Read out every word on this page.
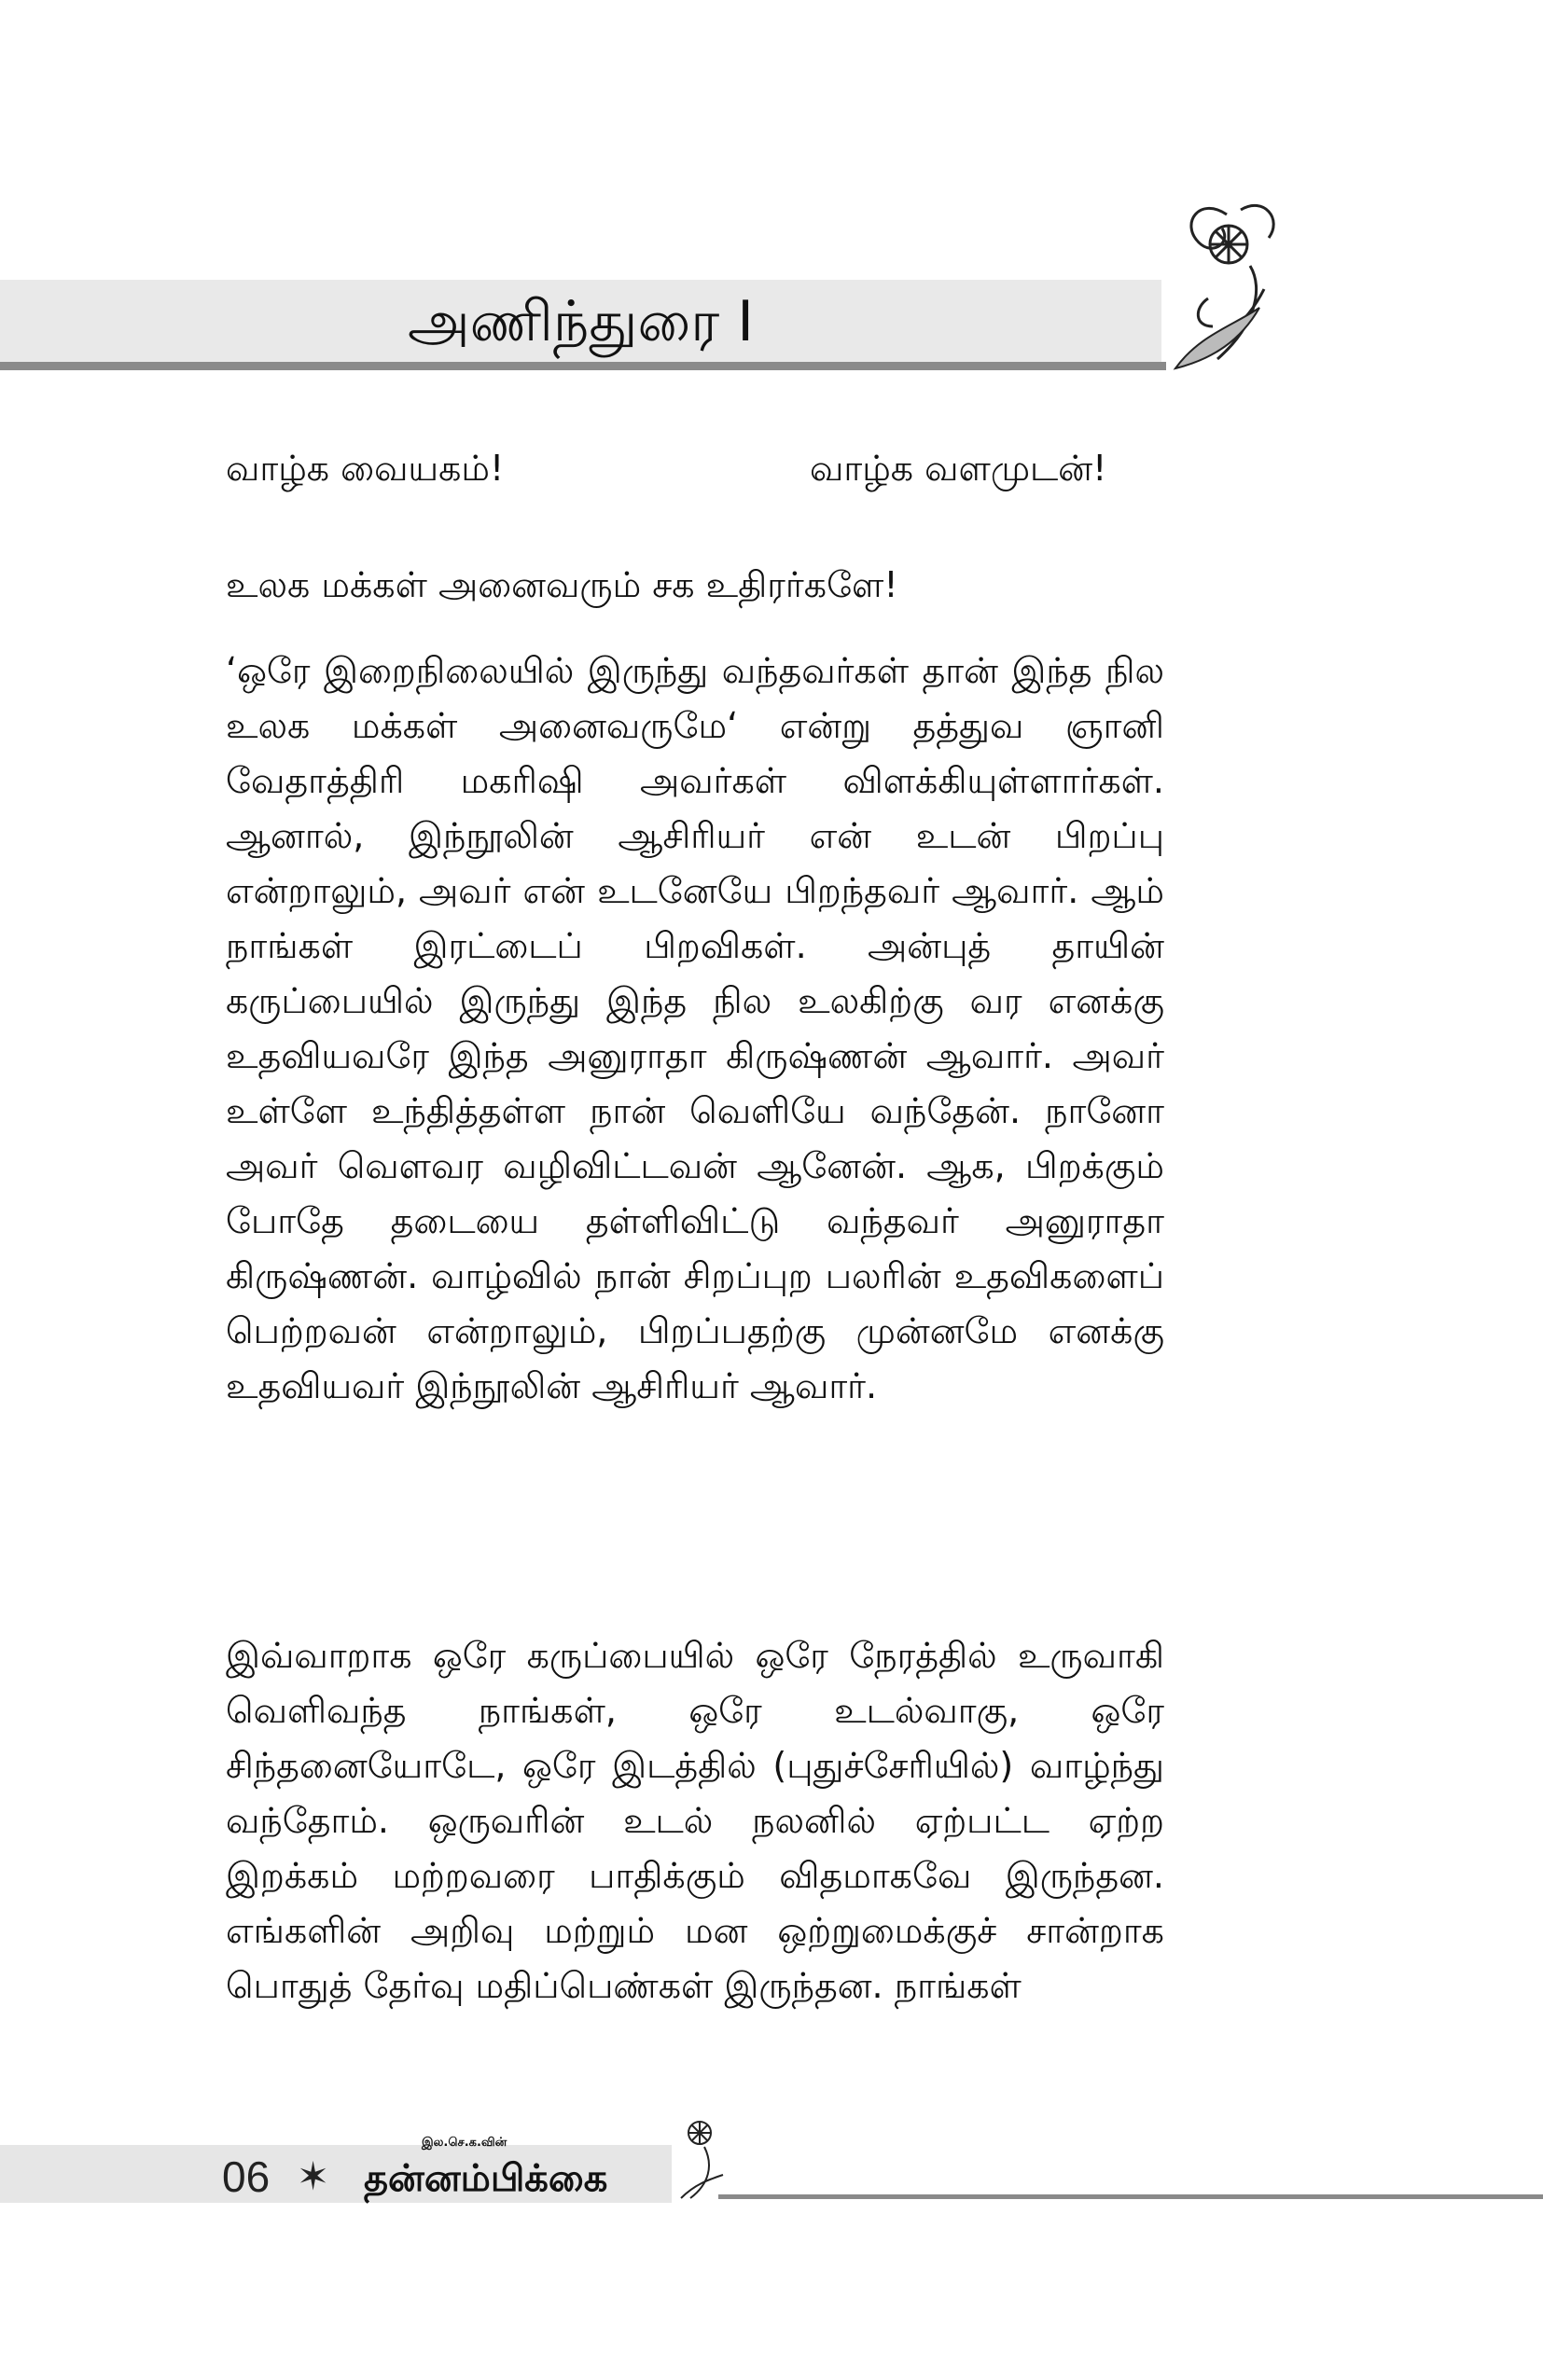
அணிந்துரை I
வாழ்க வையகம்!	வாழ்க வளமுடன்!
உலக மக்கள் அனைவரும் சக உதிரர்களே!

‘ஒரே இறைநிலையில் இருந்து வந்தவர்கள் தான் இந்த நில உலக மக்கள் அனைவருமே‘ என்று தத்துவ ஞானி வேதாத்திரி மகரிஷி அவர்கள் விளக்கியுள்ளார்கள். ஆனால், இந்நூலின் ஆசிரியர் என் உடன் பிறப்பு என்றாலும், அவர் என் உடனேயே பிறந்தவர் ஆவார். ஆம் நாங்கள் இரட்டைப் பிறவிகள். அன்புத் தாயின் கருப்பையில் இருந்து இந்த நில உலகிற்கு வர எனக்கு உதவியவரே இந்த அனுராதா கிருஷ்ணன் ஆவார். அவர் உள்ளே உந்தித்தள்ள நான் வெளியே வந்தேன். நானோ அவர் வெளவர வழிவிட்டவன் ஆனேன். ஆக, பிறக்கும் போதே தடையை தள்ளிவிட்டு வந்தவர் அனுராதா கிருஷ்ணன். வாழ்வில் நான் சிறப்புற பலரின் உதவிகளைப் பெற்றவன் என்றாலும், பிறப்பதற்கு முன்னமே எனக்கு உதவியவர் இந்நூலின் ஆசிரியர் ஆவார்.

இவ்வாறாக ஒரே கருப்பையில் ஒரே நேரத்தில் உருவாகி வெளிவந்த நாங்கள், ஒரே உடல்வாகு, ஒரே சிந்தனையோடே, ஒரே இடத்தில் (புதுச்சேரியில்) வாழ்ந்து வந்தோம். ஒருவரின் உடல் நலனில் ஏற்பட்ட ஏற்ற இறக்கம் மற்றவரை பாதிக்கும் விதமாகவே இருந்தன. எங்களின் அறிவு மற்றும் மன ஒற்றுமைக்குச் சான்றாக பொதுத் தேர்வு மதிப்பெண்கள் இருந்தன. நாங்கள்

06 ✶
இல.செ.க.வின்
தன்னம்பிக்கை
